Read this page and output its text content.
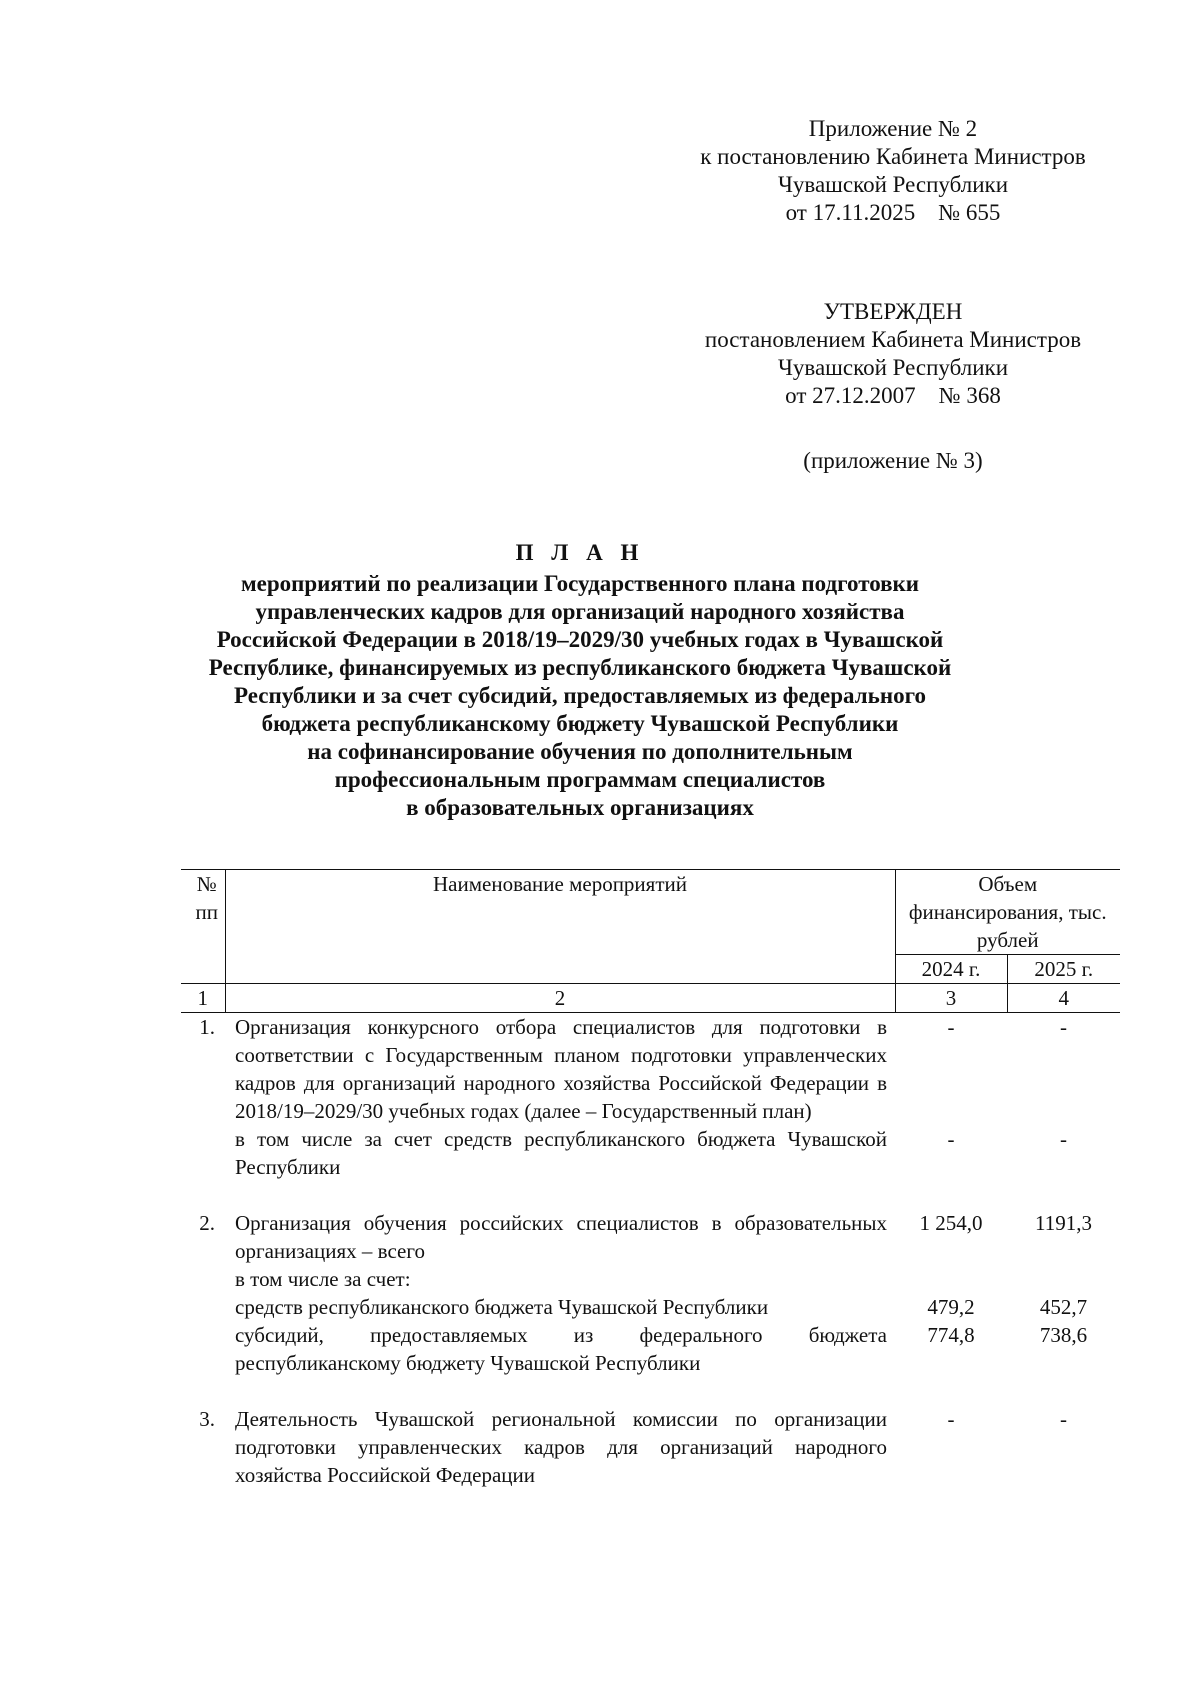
Приложение № 2
к постановлению Кабинета Министров
Чувашской Республики
от 17.11.2025    № 655
УТВЕРЖДЕН
постановлением Кабинета Министров
Чувашской Республики
от 27.12.2007    № 368
(приложение № 3)
П Л А Н
мероприятий по реализации Государственного плана подготовки
управленческих кадров для организаций народного хозяйства
Российской Федерации в 2018/19–2029/30 учебных годах в Чувашской
Республике, финансируемых из республиканского бюджета Чувашской
Республики и за счет субсидий, предоставляемых из федерального
бюджета республиканскому бюджету Чувашской Республики
на софинансирование обучения по дополнительным
профессиональным программам специалистов
в образовательных организациях
№ пп	Наименование мероприятий	Объем финансирования, тыс. рублей	
		2024 г.	2025 г.
1	2	3	4
1.	Организация конкурсного отбора специалистов для подготовки в соответствии с Государственным планом подготовки управленческих кадров для организаций народного хозяйства Российской Федерации в 2018/19–2029/30 учебных годах (далее – Государственный план)	-	-
	в том числе за счет средств республиканского бюджета Чувашской Республики	-	-

2.	Организация обучения российских специалистов в образовательных организациях – всего	1 254,0	1191,3
	в том числе за счет:		
	средств республиканского бюджета Чувашской Республики	479,2	452,7
	субсидий, предоставляемых из федерального бюджета республиканскому бюджету Чувашской Республики	774,8	738,6

3.	Деятельность Чувашской региональной комиссии по организации подготовки управленческих кадров для организаций народного хозяйства Российской Федерации	-	-
